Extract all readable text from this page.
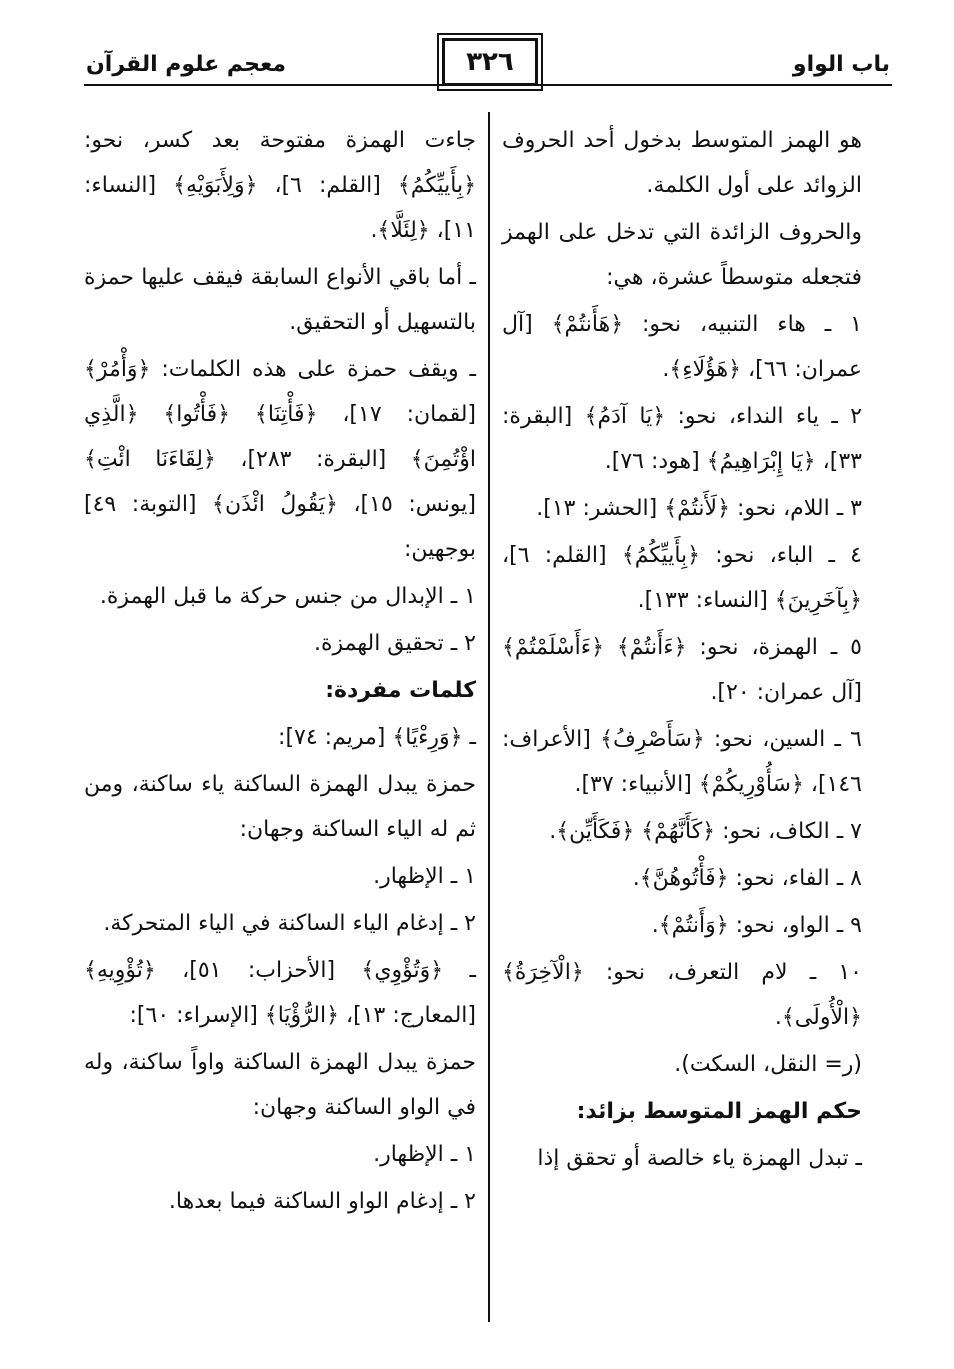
باب الواو
٣٢٦
معجم علوم القرآن

هو الهمز المتوسط بدخول أحد الحروف الزوائد على أول الكلمة.

والحروف الزائدة التي تدخل على الهمز فتجعله متوسطاً عشرة، هي:

١ ـ هاء التنبيه، نحو: ﴿هَأَنتُمْ﴾ [آل عمران: ٦٦]، ﴿هَؤُلَاءِ﴾.

٢ ـ ياء النداء، نحو: ﴿يَا آدَمُ﴾ [البقرة: ٣٣]، ﴿يَا إِبْرَاهِيمُ﴾ [هود: ٧٦].

٣ ـ اللام، نحو: ﴿لَأَنتُمْ﴾ [الحشر: ١٣].

٤ ـ الباء، نحو: ﴿بِأَييِّكُمُ﴾ [القلم: ٦]، ﴿بِآخَرِينَ﴾ [النساء: ١٣٣].

٥ ـ الهمزة، نحو: ﴿ءَأَنتُمْ﴾ ﴿ءَأَسْلَمْتُمْ﴾ [آل عمران: ٢٠].

٦ ـ السين، نحو: ﴿سَأَصْرِفُ﴾ [الأعراف: ١٤٦]، ﴿سَأُوْرِيكُمْ﴾ [الأنبياء: ٣٧].

٧ ـ الكاف، نحو: ﴿كَأَنَّهُمْ﴾ ﴿فَكَأَيِّن﴾.

٨ ـ الفاء، نحو: ﴿فَأْتُوهُنَّ﴾.

٩ ـ الواو، نحو: ﴿وَأَنتُمْ﴾.

١٠ ـ لام التعرف، نحو: ﴿الْآخِرَةُ﴾ ﴿الْأُولَى﴾.

(ر= النقل، السكت).

حكم الهمز المتوسط بزائد:

ـ تبدل الهمزة ياء خالصة أو تحقق إذا

جاءت الهمزة مفتوحة بعد كسر، نحو: ﴿بِأَييِّكُمُ﴾ [القلم: ٦]، ﴿وَلِأَبَوَيْهِ﴾ [النساء: ١١]، ﴿لِئَلَّا﴾.

ـ أما باقي الأنواع السابقة فيقف عليها حمزة بالتسهيل أو التحقيق.

ـ ويقف حمزة على هذه الكلمات: ﴿وَأْمُرْ﴾ [لقمان: ١٧]، ﴿فَأْتِنَا﴾ ﴿فَأْتُوا﴾ ﴿الَّذِي اؤْتُمِنَ﴾ [البقرة: ٢٨٣]، ﴿لِقَاءَنَا ائْتِ﴾ [يونس: ١٥]، ﴿يَقُولُ ائْذَن﴾ [التوبة: ٤٩] بوجهين:

١ ـ الإبدال من جنس حركة ما قبل الهمزة.

٢ ـ تحقيق الهمزة.

كلمات مفردة:

ـ ﴿وَرِءْيًا﴾ [مريم: ٧٤]:

حمزة يبدل الهمزة الساكنة ياء ساكنة، ومن ثم له الياء الساكنة وجهان:

١ ـ الإظهار.

٢ ـ إدغام الياء الساكنة في الياء المتحركة.

ـ ﴿وَتُؤْوِي﴾ [الأحزاب: ٥١]، ﴿تُؤْوِيهِ﴾ [المعارج: ١٣]، ﴿الرُّؤْيَا﴾ [الإسراء: ٦٠]:

حمزة يبدل الهمزة الساكنة واواً ساكنة، وله في الواو الساكنة وجهان:

١ ـ الإظهار.

٢ ـ إدغام الواو الساكنة فيما بعدها.
